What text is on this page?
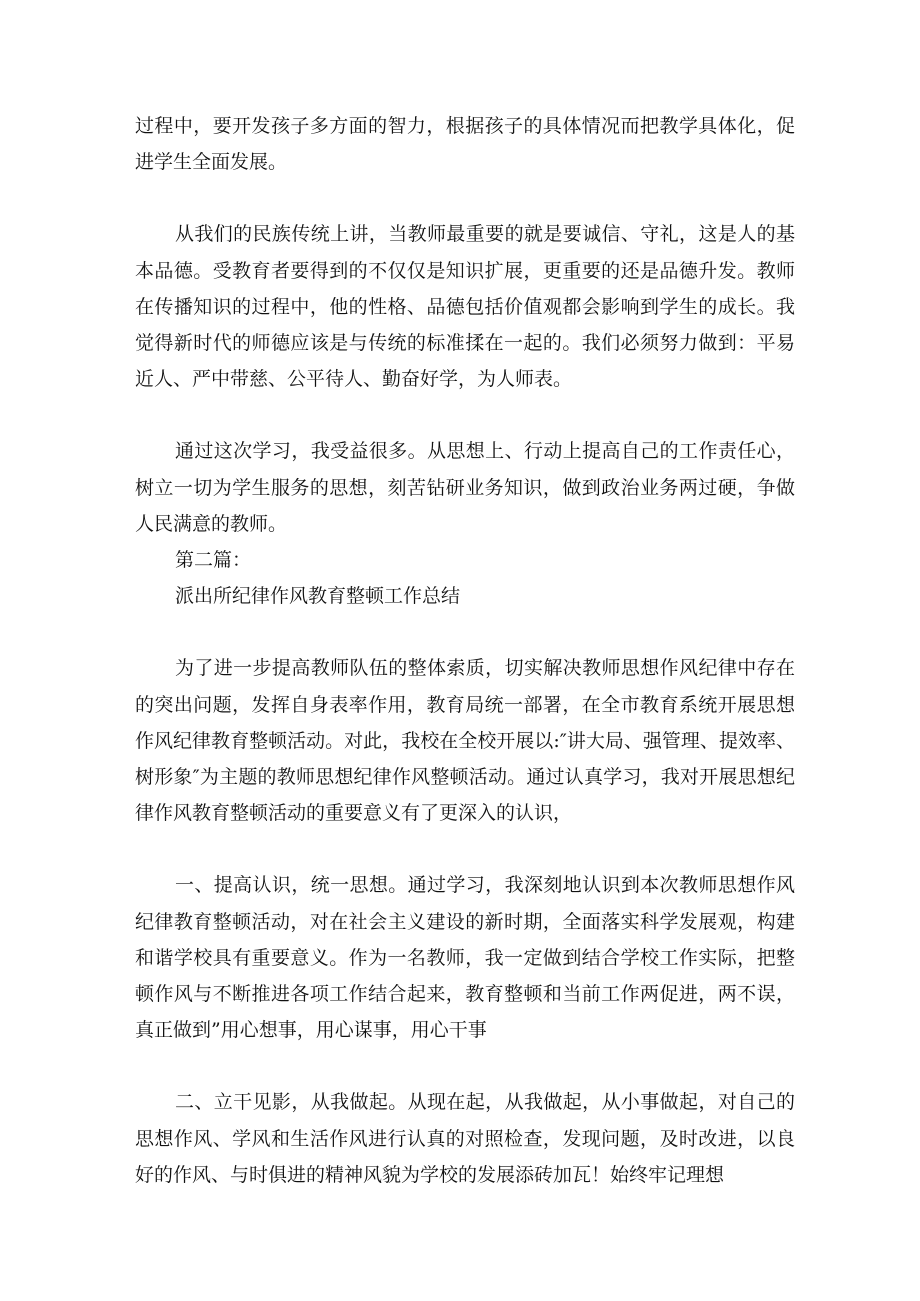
过程中，要开发孩子多方面的智力，根据孩子的具体情况而把教学具体化，促进学生全面发展。

从我们的民族传统上讲，当教师最重要的就是要诚信、守礼，这是人的基本品德。受教育者要得到的不仅仅是知识扩展，更重要的还是品德升发。教师在传播知识的过程中，他的性格、品德包括价值观都会影响到学生的成长。我觉得新时代的师德应该是与传统的标准揉在一起的。我们必须努力做到：平易近人、严中带慈、公平待人、勤奋好学，为人师表。

通过这次学习，我受益很多。从思想上、行动上提高自己的工作责任心，树立一切为学生服务的思想，刻苦钻研业务知识，做到政治业务两过硬，争做人民满意的教师。

第二篇：

派出所纪律作风教育整顿工作总结

为了进一步提高教师队伍的整体索质，切实解决教师思想作风纪律中存在的突出问题，发挥自身表率作用，教育局统一部署，在全市教育系统开展思想作风纪律教育整顿活动。对此，我校在全校开展以:″讲大局、强管理、提效率、树形象″为主题的教师思想纪律作风整顿活动。通过认真学习，我对开展思想纪律作风教育整顿活动的重要意义有了更深入的认识，

一、提高认识，统一思想。通过学习，我深刻地认识到本次教师思想作风纪律教育整顿活动，对在社会主义建设的新时期，全面落实科学发展观，构建和谐学校具有重要意义。作为一名教师，我一定做到结合学校工作实际，把整顿作风与不断推进各项工作结合起来，教育整顿和当前工作两促进，两不误，真正做到”用心想事，用心谋事，用心干事

二、立干见影，从我做起。从现在起，从我做起，从小事做起，对自己的思想作风、学风和生活作风进行认真的对照检查，发现问题，及时改进，以良好的作风、与时俱进的精神风貌为学校的发展添砖加瓦！始终牢记理想
